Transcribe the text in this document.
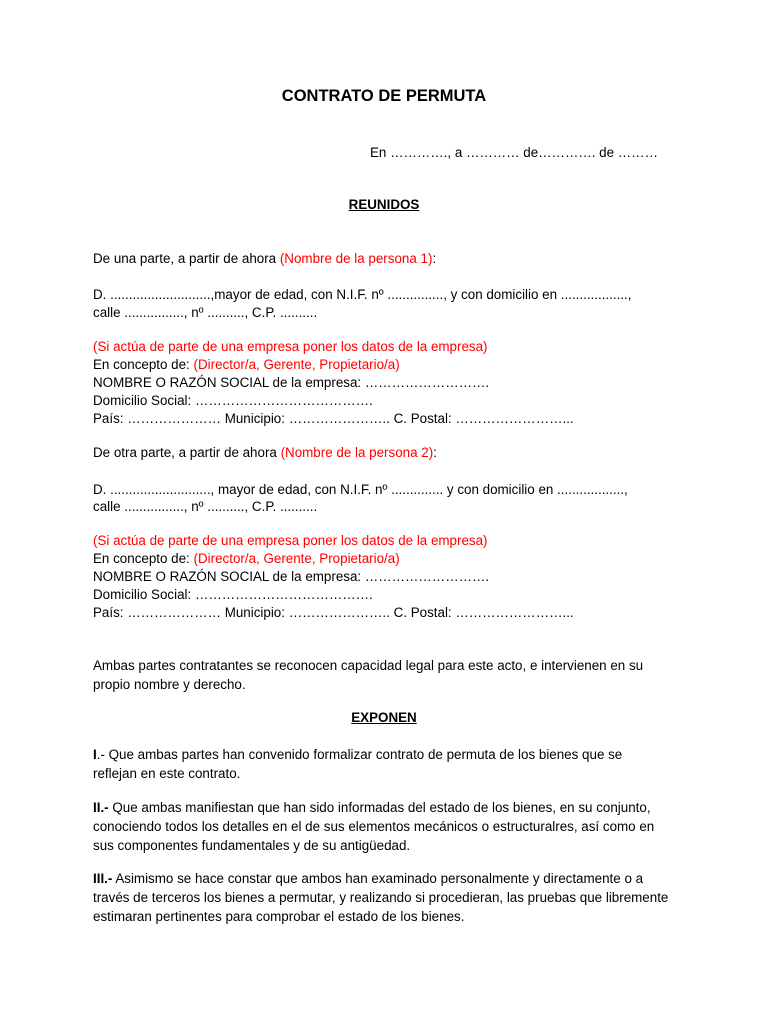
CONTRATO DE PERMUTA
En …………., a ………… de…………. de ………
REUNIDOS
De una parte, a partir de ahora (Nombre de la persona 1):
D. ...........................,mayor de edad, con N.I.F. nº ..............., y con domicilio en ..................,
calle ................, nº .........., C.P. ..........
(Si actúa de parte de una empresa poner los datos de la empresa)
En concepto de: (Director/a, Gerente, Propietario/a)
NOMBRE O RAZÓN SOCIAL de la empresa: ……………………….
Domicilio Social: ………………………………….
País: ………………… Municipio: ………………….. C. Postal: ……………………...
De otra parte, a partir de ahora (Nombre de la persona 2):
D. ..........................., mayor de edad, con N.I.F. nº .............. y con domicilio en ..................,
calle ................, nº .........., C.P. ..........
(Si actúa de parte de una empresa poner los datos de la empresa)
En concepto de: (Director/a, Gerente, Propietario/a)
NOMBRE O RAZÓN SOCIAL de la empresa: ……………………….
Domicilio Social: ………………………………….
País: ………………… Municipio: ………………….. C. Postal: ……………………...
Ambas partes contratantes se reconocen capacidad legal para este acto, e intervienen en su propio nombre y derecho.
EXPONEN
I.- Que ambas partes han convenido formalizar contrato de permuta de los bienes que se reflejan en este contrato.
II.- Que ambas manifiestan que han sido informadas del estado de los bienes, en su conjunto, conociendo todos los detalles en el de sus elementos mecánicos o estructuralres, así como en sus componentes fundamentales y de su antigüedad.
III.- Asimismo se hace constar que ambos han examinado personalmente y directamente o a través de terceros los bienes a permutar, y realizando si procedieran, las pruebas que libremente estimaran pertinentes para comprobar el estado de los bienes.
